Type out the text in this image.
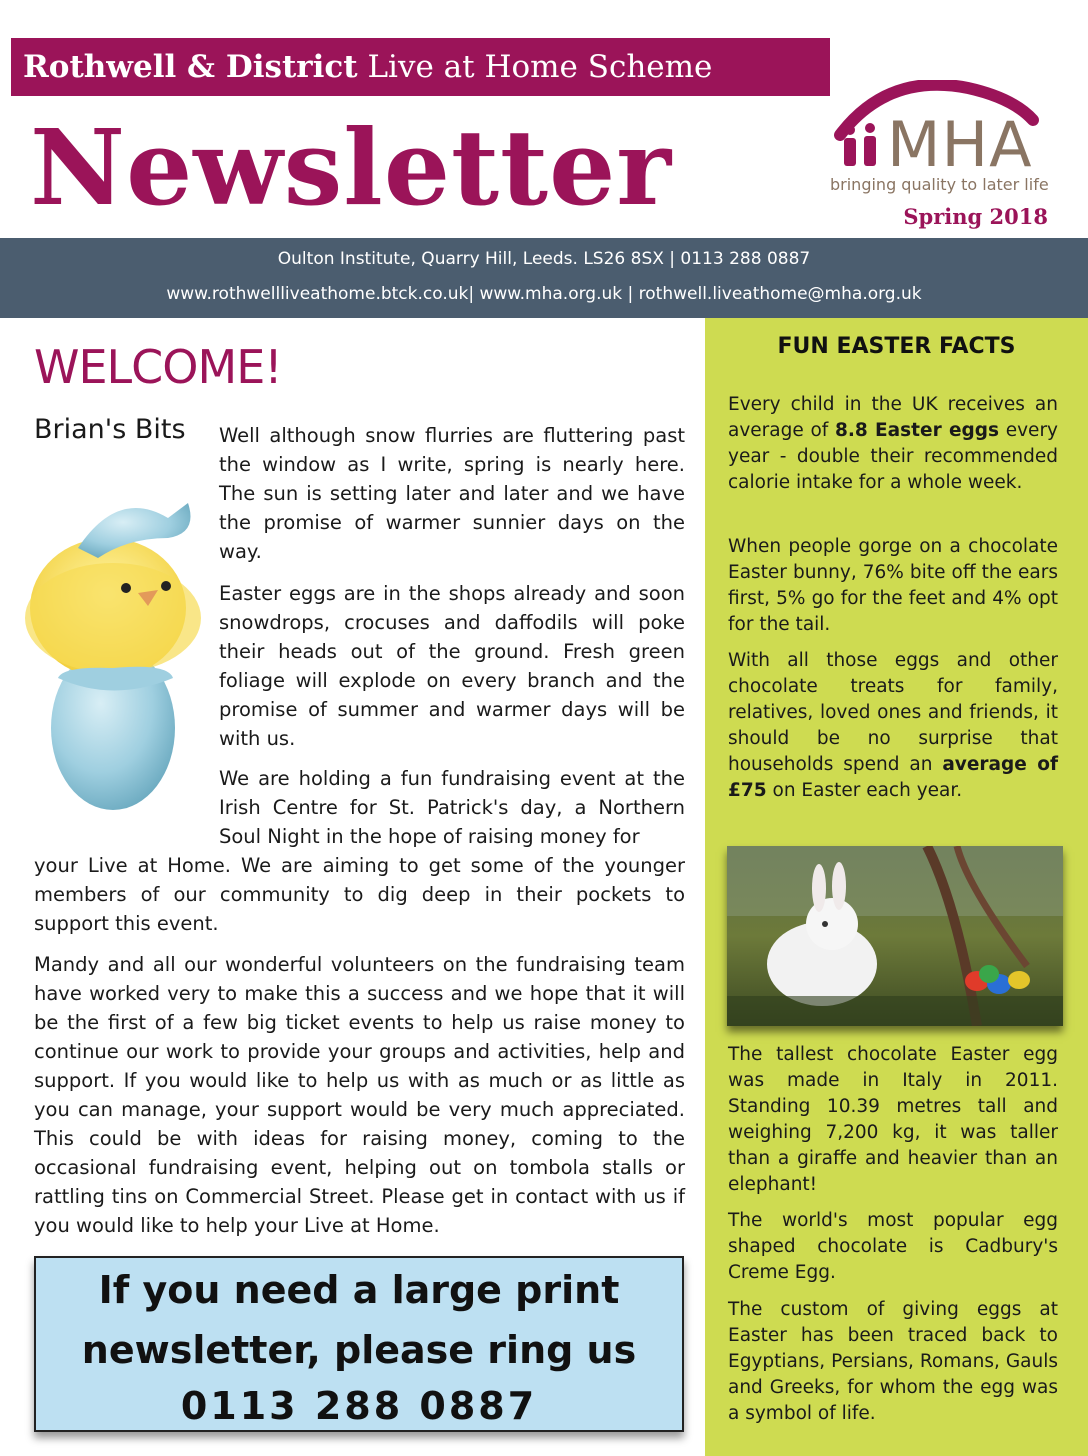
Rothwell & District Live at Home Scheme
Newsletter	MHA
bringing quality to later life
Spring 2018
Oulton Institute, Quarry Hill, Leeds. LS26 8SX | 0113 288 0887
www.rothwellliveathome.btck.co.uk| www.mha.org.uk | rothwell.liveathome@mha.org.uk
WELCOME!
Brian's Bits Well although snow flurries are fluttering past the window as I write, spring is nearly here. The sun is setting later and later and we have the promise of warmer sunnier days on the way.

Easter eggs are in the shops already and soon snowdrops, crocuses and daffodils will poke their heads out of the ground. Fresh green foliage will explode on every branch and the promise of summer and warmer days will be with us.

We are holding a fun fundraising event at the Irish Centre for St. Patrick's day, a Northern Soul Night in the hope of raising money for

your Live at Home. We are aiming to get some of the younger members of our community to dig deep in their pockets to support this event.

Mandy and all our wonderful volunteers on the fundraising team have worked very to make this a success and we hope that it will be the first of a few big ticket events to help us raise money to continue our work to provide your groups and activities, help and support. If you would like to help us with as much or as little as you can manage, your support would be very much appreciated. This could be with ideas for raising money, coming to the occasional fundraising event, helping out on tombola stalls or rattling tins on Commercial Street. Please get in contact with us if you would like to help your Live at Home.

If you need a large print
newsletter, please ring us
0113 288 0887
FUN EASTER FACTS

Every child in the UK receives an average of 8.8 Easter eggs every year - double their recommended calorie intake for a whole week.

When people gorge on a chocolate Easter bunny, 76% bite off the ears first, 5% go for the feet and 4% opt for the tail.

With all those eggs and other chocolate treats for family, relatives, loved ones and friends, it should be no surprise that households spend an average of £75 on Easter each year.

The tallest chocolate Easter egg was made in Italy in 2011. Standing 10.39 metres tall and weighing 7,200 kg, it was taller than a giraffe and heavier than an elephant!

The world's most popular egg shaped chocolate is Cadbury's Creme Egg.

The custom of giving eggs at Easter has been traced back to Egyptians, Persians, Romans, Gauls and Greeks, for whom the egg was a symbol of life.
